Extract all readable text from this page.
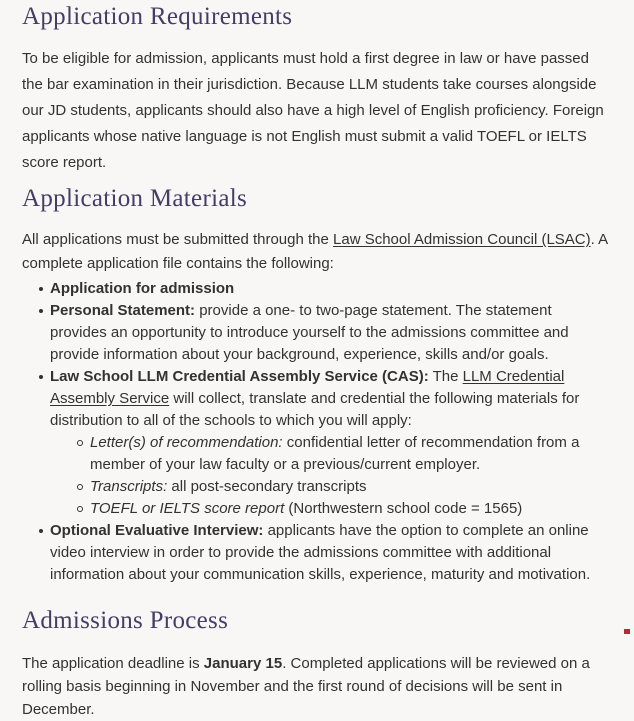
Application Requirements

To be eligible for admission, applicants must hold a first degree in law or have passed the bar examination in their jurisdiction. Because LLM students take courses alongside our JD students, applicants should also have a high level of English proficiency. Foreign applicants whose native language is not English must submit a valid TOEFL or IELTS score report.

Application Materials

All applications must be submitted through the Law School Admission Council (LSAC). A complete application file contains the following:

Application for admission
Personal Statement: provide a one- to two-page statement. The statement provides an opportunity to introduce yourself to the admissions committee and provide information about your background, experience, skills and/or goals.
Law School LLM Credential Assembly Service (CAS): The LLM Credential Assembly Service will collect, translate and credential the following materials for distribution to all of the schools to which you will apply:
Letter(s) of recommendation: confidential letter of recommendation from a member of your law faculty or a previous/current employer.
Transcripts: all post-secondary transcripts
TOEFL or IELTS score report (Northwestern school code = 1565)
Optional Evaluative Interview: applicants have the option to complete an online video interview in order to provide the admissions committee with additional information about your communication skills, experience, maturity and motivation.
Admissions Process

The application deadline is January 15. Completed applications will be reviewed on a rolling basis beginning in November and the first round of decisions will be sent in December.
